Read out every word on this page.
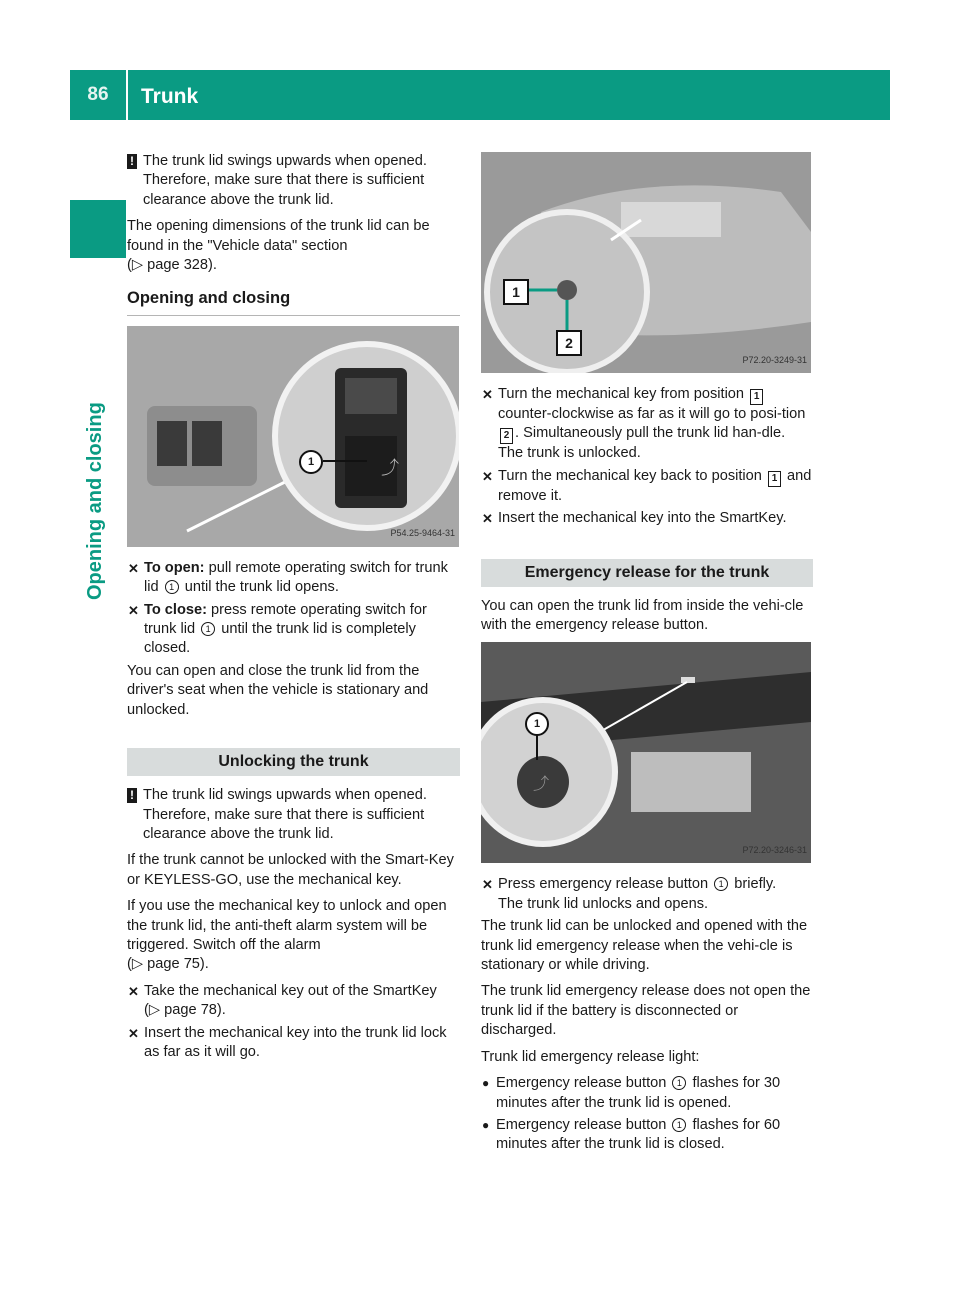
86	Trunk
Opening and closing
! The trunk lid swings upwards when opened. Therefore, make sure that there is sufficient clearance above the trunk lid.

The opening dimensions of the trunk lid can be found in the "Vehicle data" section
(▷ page 328).

Opening and closing
⤴
1
P54.25-9464-31
✕ To open: pull remote operating switch for trunk lid 1 until the trunk lid opens.
✕ To close: press remote operating switch for trunk lid 1 until the trunk lid is completely closed.

You can open and close the trunk lid from the driver's seat when the vehicle is stationary and unlocked.

Unlocking the trunk
! The trunk lid swings upwards when opened. Therefore, make sure that there is sufficient clearance above the trunk lid.

If the trunk cannot be unlocked with the Smart-Key or KEYLESS-GO, use the mechanical key.

If you use the mechanical key to unlock and open the trunk lid, the anti-theft alarm system will be triggered. Switch off the alarm
(▷ page 75).

✕ Take the mechanical key out of the SmartKey
(▷ page 78).
✕ Insert the mechanical key into the trunk lid lock as far as it will go.
1
2
P72.20-3249-31
✕ Turn the mechanical key from position 1 counter-clockwise as far as it will go to posi-tion 2 . Simultaneously pull the trunk lid han-dle.
The trunk is unlocked.
✕ Turn the mechanical key back to position 1 and remove it.
✕ Insert the mechanical key into the SmartKey.
Emergency release for the trunk

You can open the trunk lid from inside the vehi-cle with the emergency release button.

⤴
1
P72.20-3246-31
✕ Press emergency release button 1 briefly.
The trunk lid unlocks and opens.

The trunk lid can be unlocked and opened with the trunk lid emergency release when the vehi-cle is stationary or while driving.

The trunk lid emergency release does not open the trunk lid if the battery is disconnected or discharged.

Trunk lid emergency release light:

● Emergency release button 1 flashes for 30 minutes after the trunk lid is opened.
● Emergency release button 1 flashes for 60 minutes after the trunk lid is closed.
